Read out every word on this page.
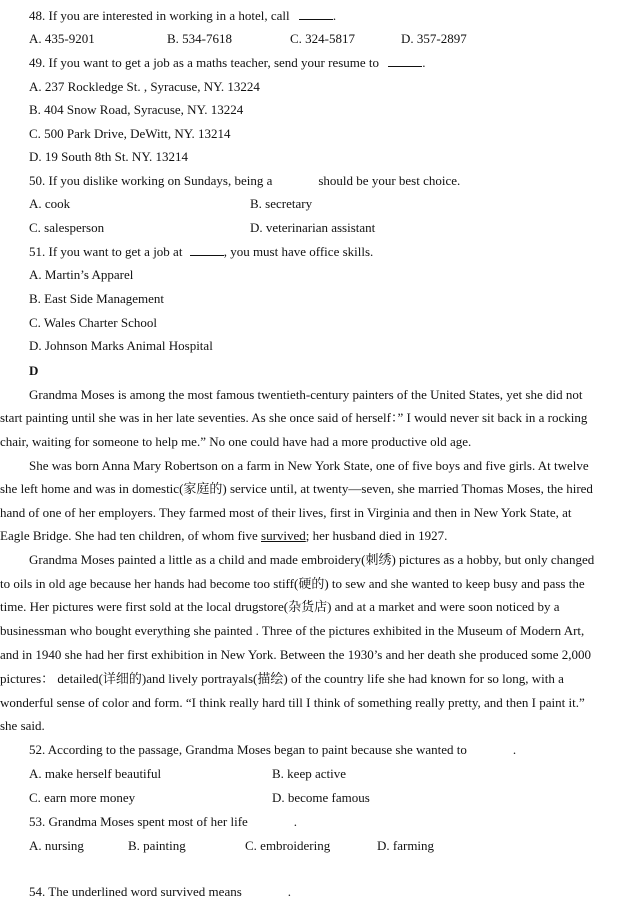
48. If you are interested in working in a hotel, call	.
A. 435-9201	B. 534-7618	C. 324-5817	D. 357-2897
49. If you want to get a job as a maths teacher, send your resume to	.
A. 237 Rockledge St. , Syracuse, NY. 13224
B. 404 Snow Road, Syracuse, NY. 13224
C. 500 Park Drive, DeWitt, NY. 13214
D. 19 South 8th St. NY. 13214
50. If you dislike working on Sundays, being a	should be your best choice.
A. cook	B. secretary
C. salesperson	D. veterinarian assistant
51. If you want to get a job at	, you must have office skills.
A. Martin’s Apparel
B. East Side Management
C. Wales Charter School
D. Johnson Marks Animal Hospital
D
Grandma Moses is among the most famous twentieth-century painters of the United States, yet she did not
start painting until she was in her late seventies. As she once said of herself：” I would never sit back in a rocking
chair, waiting for someone to help me.” No one could have had a more productive old age.
She was born Anna Mary Robertson on a farm in New York State, one of five boys and five girls. At twelve
she left home and was in domestic(家庭的) service until, at twenty—seven, she married Thomas Moses, the hired
hand of one of her employers. They farmed most of their lives, first in Virginia and then in New York State, at
Eagle Bridge. She had ten children, of whom five survived; her husband died in 1927.
Grandma Moses painted a little as a child and made embroidery(刺绣) pictures as a hobby, but only changed
to oils in old age because her hands had become too stiff(硬的) to sew and she wanted to keep busy and pass the
time. Her pictures were first sold at the local drugstore(杂货店) and at a market and were soon noticed by a
businessman who bought everything she painted . Three of the pictures exhibited in the Museum of Modern Art,
and in 1940 she had her first exhibition in New York. Between the 1930’s and her death she produced some 2,000
pictures： detailed(详细的)and lively portrayals(描绘) of the country life she had known for so long, with a
wonderful sense of color and form. “I think really hard till I think of something really pretty, and then I paint it.”
she said.
52. According to the passage, Grandma Moses began to paint because she wanted to	.
A. make herself beautiful	B. keep active
C. earn more money	D. become famous
53. Grandma Moses spent most of her life	.
A. nursing	B. painting	C. embroidering	D. farming
54. The underlined word survived means	.
